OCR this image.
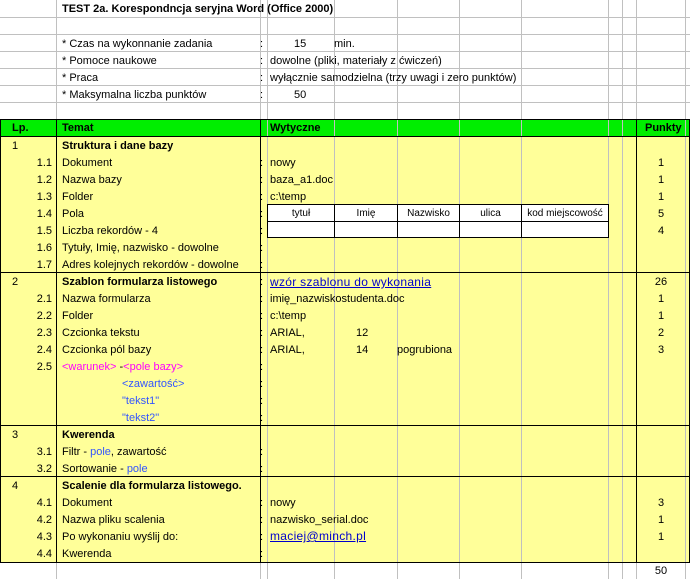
TEST 2a. Korespondncja seryjna Word (Office 2000)
* Czas na wykonnanie zadania	:	15	min.
* Pomoce naukowe	: dowolne (pliki, materiały z ćwiczeń)
* Praca	: wyłącznie samodzielna (trzy uwagi i zero punktów)
* Maksymalna liczba punktów	:	50
Lp.	Temat	Wytyczne	Punkty
1	Struktura i dane bazy
1.1 Dokument	: nowy	1
1.2 Nazwa bazy	: baza_a1.doc	1
1.3 Folder	: c:\temp	1
1.4 Pola	:	5
tytuł	Imię	Nazwisko	ulica	kod miejscowość
1.5 Liczba rekordów - 4	:	4
1.6 Tytuły, Imię, nazwisko - dowolne	:
1.7 Adres kolejnych rekordów - dowolne :
2	Szablon formularza listowego	: wzór szablonu do wykonania	26
2.1 Nazwa formularza	: imię_nazwiskostudenta.doc	1
2.2 Folder	: c:\temp	1
2.3 Czcionka tekstu	: ARIAL,	12	2
2.4 Czcionka pól bazy	: ARIAL,	14	pogrubiona	3
2.5 <warunek> -<pole bazy>	:
<zawartość>	:
"tekst1"	:
"tekst2"	:
3	Kwerenda
3.1 Filtr - pole, zawartość	:
3.2 Sortowanie - pole	:
4	Scalenie dla formularza listowego.
4.1 Dokument	: nowy	3
4.2 Nazwa pliku scalenia	: nazwisko_serial.doc	1
4.3 Po wykonaniu wyślij do:	: maciej@minch.pl	1
4.4 Kwerenda	:
50
